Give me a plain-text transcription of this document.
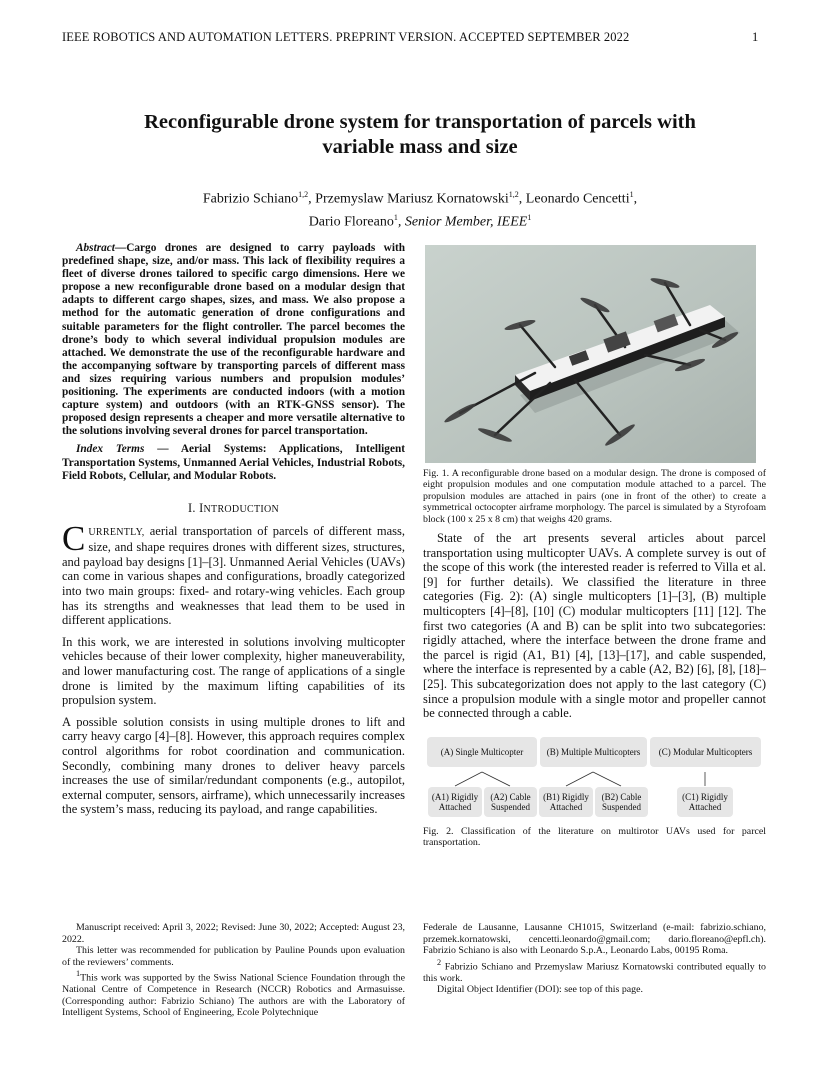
IEEE ROBOTICS AND AUTOMATION LETTERS. PREPRINT VERSION. ACCEPTED SEPTEMBER 2022	1
Reconfigurable drone system for transportation of parcels with
variable mass and size
Fabrizio Schiano$^{1,2}$, Przemyslaw Mariusz Kornatowski$^{1,2}$, Leonardo Cencetti$^1$,
Dario Floreano$^1$, Senior Member, IEEE$^1$

Abstract—Cargo drones are designed to carry payloads with predefined shape, size, and/or mass. This lack of flexibility requires a fleet of diverse drones tailored to specific cargo dimensions. Here we propose a new reconfigurable drone based on a modular design that adapts to different cargo shapes, sizes, and mass. We also propose a method for the automatic generation of drone configurations and suitable parameters for the flight controller. The parcel becomes the drone’s body to which several individual propulsion modules are attached. We demonstrate the use of the reconfigurable hardware and the accompanying software by transporting parcels of different mass and sizes requiring various numbers and propulsion modules’ positioning. The experiments are conducted indoors (with a motion capture system) and outdoors (with an RTK-GNSS sensor). The proposed design represents a cheaper and more versatile alternative to the solutions involving several drones for parcel transportation.

Index Terms — Aerial Systems: Applications, Intelligent Transportation Systems, Unmanned Aerial Vehicles, Industrial Robots, Field Robots, Cellular, and Modular Robots.

I. INTRODUCTION

CURRENTLY, aerial transportation of parcels of different mass, size, and shape requires drones with different sizes, structures, and payload bay designs [1]–[3]. Unmanned Aerial Vehicles (UAVs) can come in various shapes and configurations, broadly categorized into two main groups: fixed- and rotary-wing vehicles. Each group has its strengths and weaknesses that lead them to be used in different applications.

In this work, we are interested in solutions involving multicopter vehicles because of their lower complexity, higher maneuverability, and lower manufacturing cost. The range of applications of a single drone is limited by the maximum lifting capabilities of its propulsion system.

A possible solution consists in using multiple drones to lift and carry heavy cargo [4]–[8]. However, this approach requires complex control algorithms for robot coordination and communication. Secondly, combining many drones to deliver heavy parcels increases the use of similar/redundant components (e.g., autopilot, external computer, sensors, airframe), which unnecessarily increases the system’s mass, reducing its payload, and range capabilities.

Fig. 1. A reconfigurable drone based on a modular design. The drone is composed of eight propulsion modules and one computation module attached to a parcel. The propulsion modules are attached in pairs (one in front of the other) to create a symmetrical octocopter airframe morphology. The parcel is simulated by a Styrofoam block (100 x 25 x 8 cm) that weighs 420 grams.

State of the art presents several articles about parcel transportation using multicopter UAVs. A complete survey is out of the scope of this work (the interested reader is referred to Villa et al. [9] for further details). We classified the literature in three categories (Fig. 2): (A) single multicopters [1]–[3], (B) multiple multicopters [4]–[8], [10] (C) modular multicopters [11] [12]. The first two categories (A and B) can be split into two subcategories: rigidly attached, where the interface between the drone frame and the parcel is rigid (A1, B1) [4], [13]–[17], and cable suspended, where the interface is represented by a cable (A2, B2) [6], [8], [18]–[25]. This subcategorization does not apply to the last category (C) since a propulsion module with a single motor and propeller cannot be connected through a cable.

(A) Single Multicopter	(B) Multiple Multicopters	(C) Modular Multicopters
(A1) Rigidly
Attached
(A2) Cable
Suspended
(B1) Rigidly
Attached
(B2) Cable
Suspended
(C1) Rigidly
Attached

Fig. 2. Classification of the literature on multirotor UAVs used for parcel transportation.

Manuscript received: April 3, 2022; Revised: June 30, 2022; Accepted: August 23, 2022.

This letter was recommended for publication by Pauline Pounds upon evaluation of the reviewers’ comments.

$^1$This work was supported by the Swiss National Science Foundation through the National Centre of Competence in Research (NCCR) Robotics and Armasuisse. (Corresponding author: Fabrizio Schiano) The authors are with the Laboratory of Intelligent Systems, School of Engineering, Ecole Polytechnique

Federale de Lausanne, Lausanne CH1015, Switzerland (e-mail: fabrizio.schiano, przemek.kornatowski, cencetti.leonardo@gmail.com; dario.floreano@epfl.ch). Fabrizio Schiano is also with Leonardo S.p.A., Leonardo Labs, 00195 Roma.

$^2$ Fabrizio Schiano and Przemyslaw Mariusz Kornatowski contributed equally to this work.

Digital Object Identifier (DOI): see top of this page.
